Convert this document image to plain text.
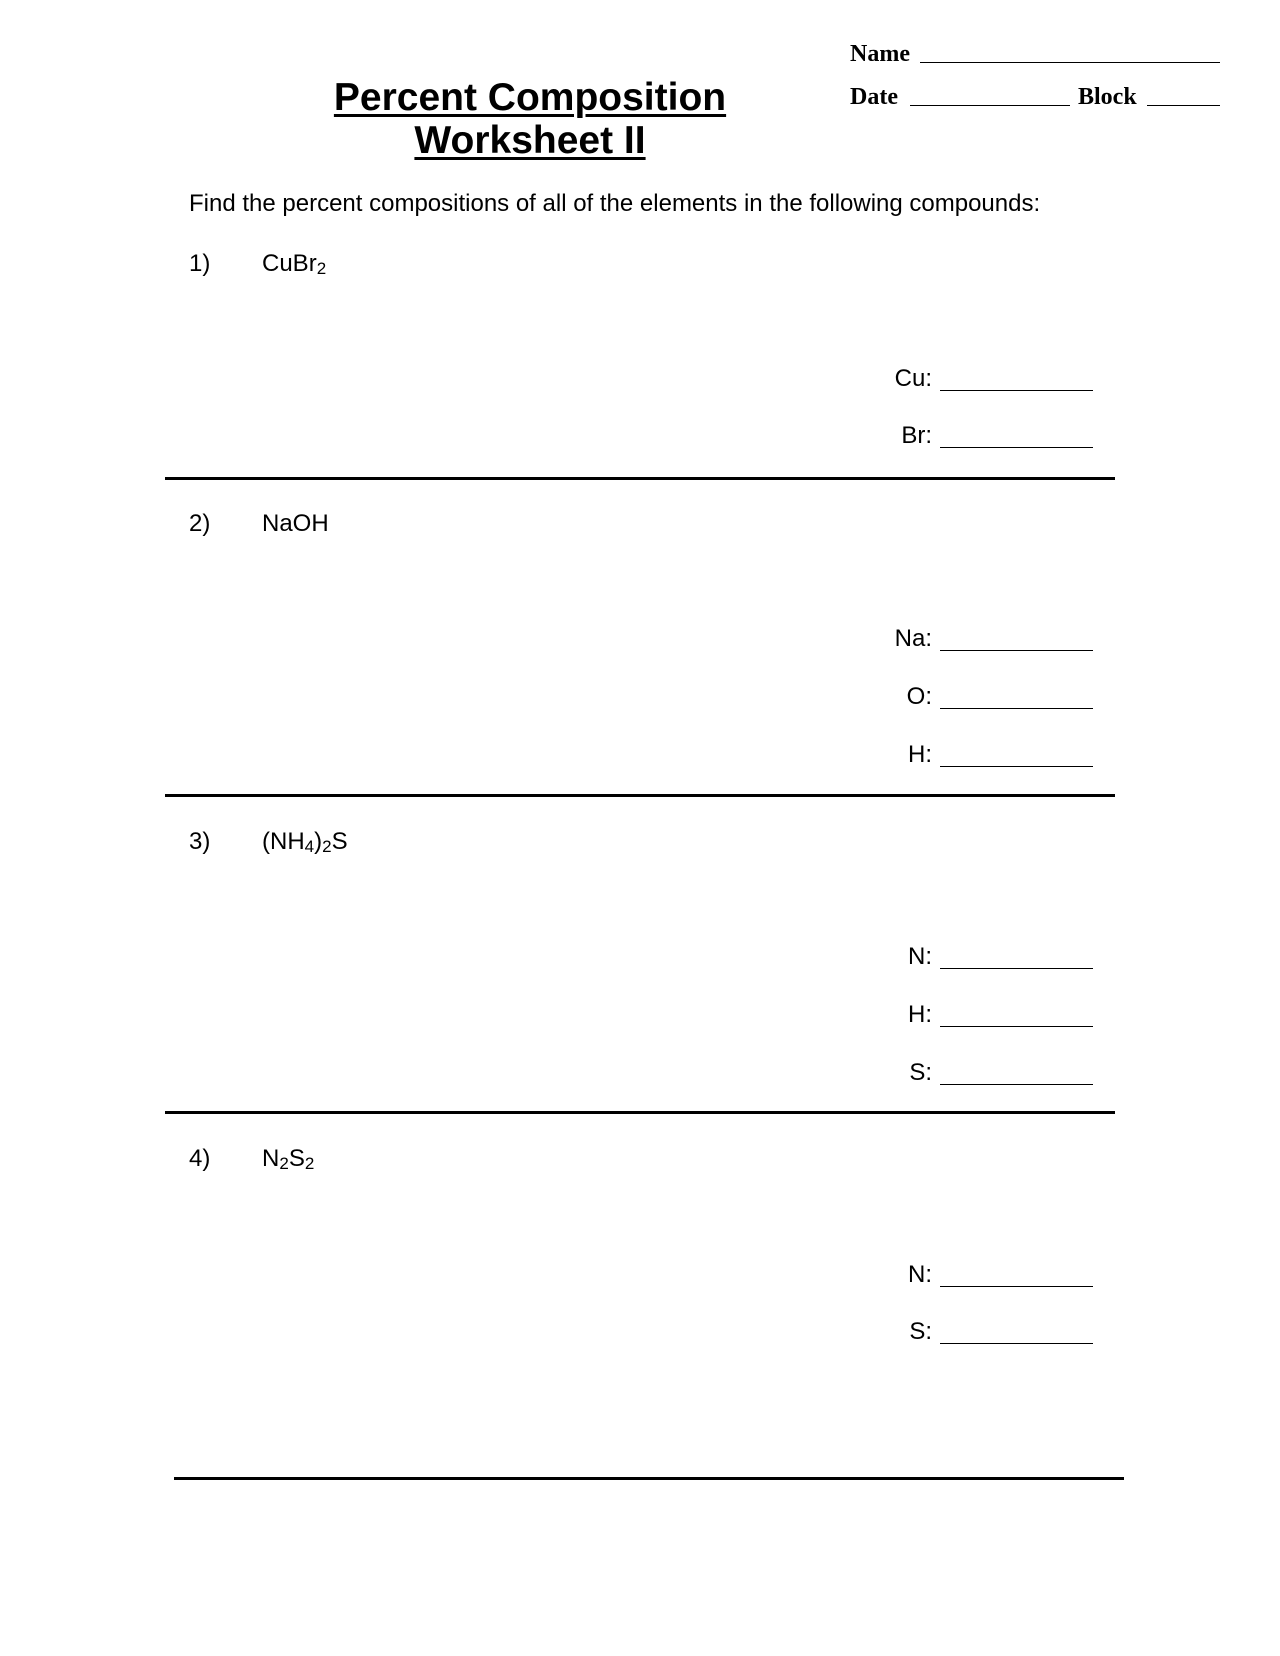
Name
Date	Block
Percent Composition
Worksheet II
Find the percent compositions of all of the elements in the following compounds:
1) CuBr$_2$
Cu:
Br:
2) NaOH
Na:
O:
H:
3) $(NH_4)_2S$
N:
H:
S:
4) $N_2S_2$
N:
S:
